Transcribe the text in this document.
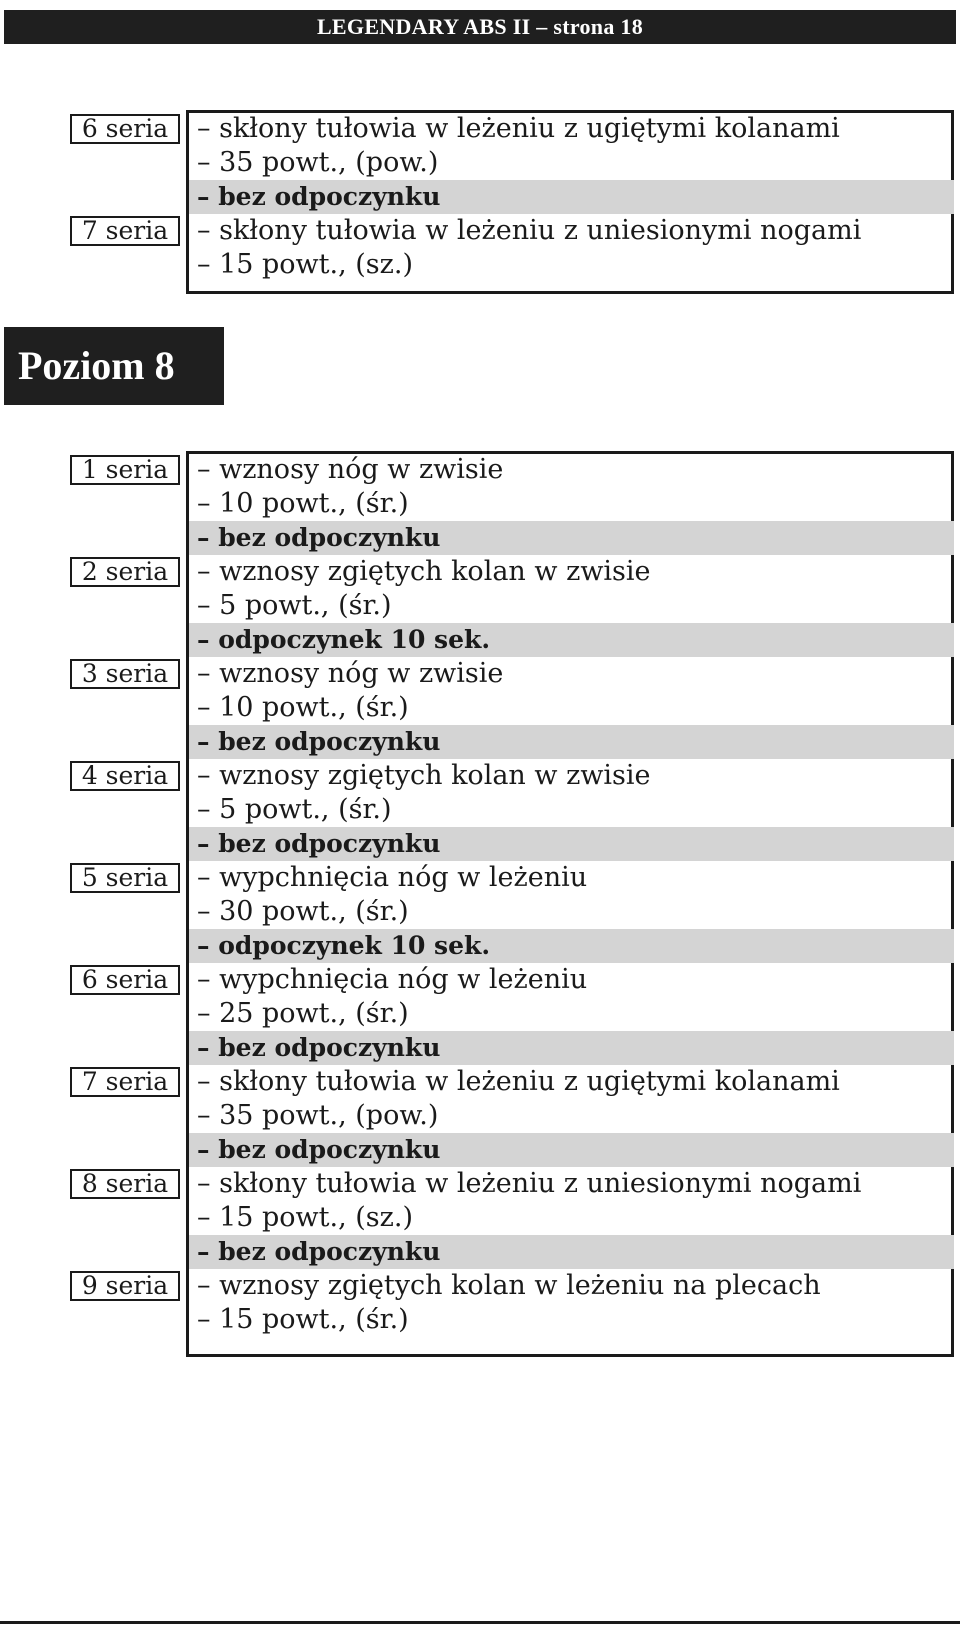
LEGENDARY ABS II – strona 18
– skłony tułowia w leżeniu z ugiętymi kolanami
6 seria
– 35 powt., (pow.)
– bez odpoczynku
– skłony tułowia w leżeniu z uniesionymi nogami
7 seria
– 15 powt., (sz.)
Poziom 8
– wznosy nóg w zwisie
1 seria
– 10 powt., (śr.)
– bez odpoczynku
– wznosy zgiętych kolan w zwisie
2 seria
– 5 powt., (śr.)
– odpoczynek 10 sek.
– wznosy nóg w zwisie
3 seria
– 10 powt., (śr.)
– bez odpoczynku
– wznosy zgiętych kolan w zwisie
4 seria
– 5 powt., (śr.)
– bez odpoczynku
– wypchnięcia nóg w leżeniu
5 seria
– 30 powt., (śr.)
– odpoczynek 10 sek.
– wypchnięcia nóg w leżeniu
6 seria
– 25 powt., (śr.)
– bez odpoczynku
– skłony tułowia w leżeniu z ugiętymi kolanami
7 seria
– 35 powt., (pow.)
– bez odpoczynku
– skłony tułowia w leżeniu z uniesionymi nogami
8 seria
– 15 powt., (sz.)
– bez odpoczynku
– wznosy zgiętych kolan w leżeniu na plecach
9 seria
– 15 powt., (śr.)
